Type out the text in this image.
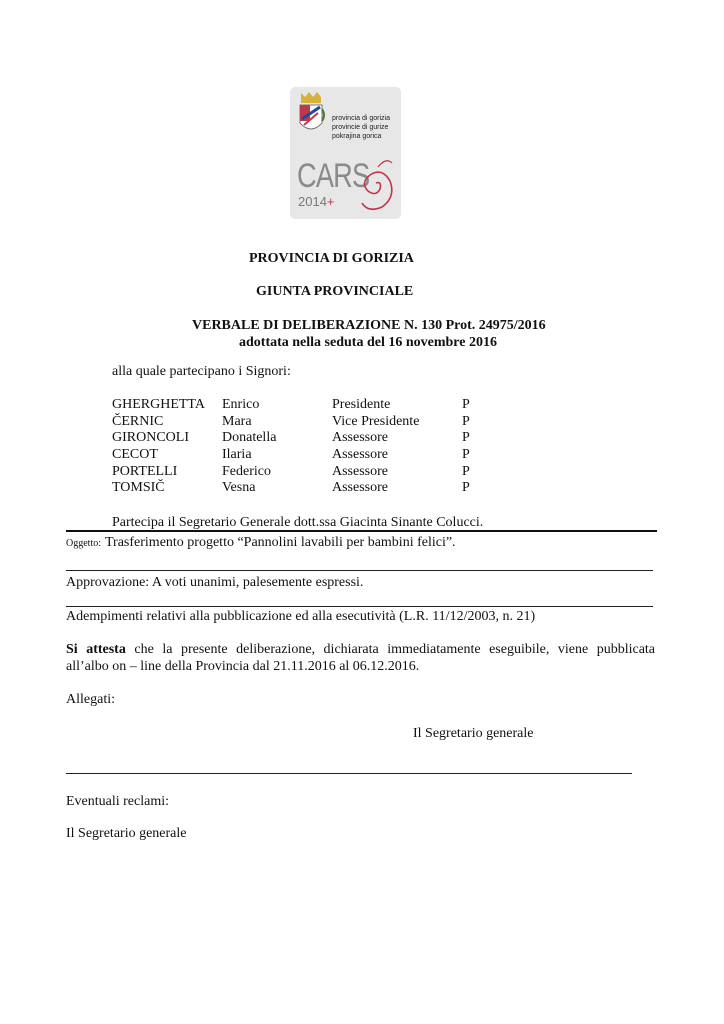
provincia di gorizia
provincie di gurize
pokrajina gorica
CARS
2014+
PROVINCIA DI GORIZIA
GIUNTA PROVINCIALE
VERBALE DI DELIBERAZIONE N. 130 Prot. 24975/2016
adottata nella seduta del 16 novembre 2016
alla quale partecipano i Signori:
GHERGHETTA	Enrico	Presidente	P
ČERNIC	Mara	Vice Presidente	P
GIRONCOLI	Donatella	Assessore	P
CECOT	Ilaria	Assessore	P
PORTELLI	Federico	Assessore	P
TOMSIČ	Vesna	Assessore	P
Partecipa il Segretario Generale dott.ssa Giacinta Sinante Colucci.
Oggetto: Trasferimento progetto “Pannolini lavabili per bambini felici”.
Approvazione: A voti unanimi, palesemente espressi.
Adempimenti relativi alla pubblicazione ed alla esecutività (L.R. 11/12/2003, n. 21)
Si attesta che la presente deliberazione, dichiarata immediatamente eseguibile, viene pubblicata
all’albo on – line della Provincia dal 21.11.2016 al 06.12.2016.
Allegati:
Il Segretario generale
Eventuali reclami:
Il Segretario generale
